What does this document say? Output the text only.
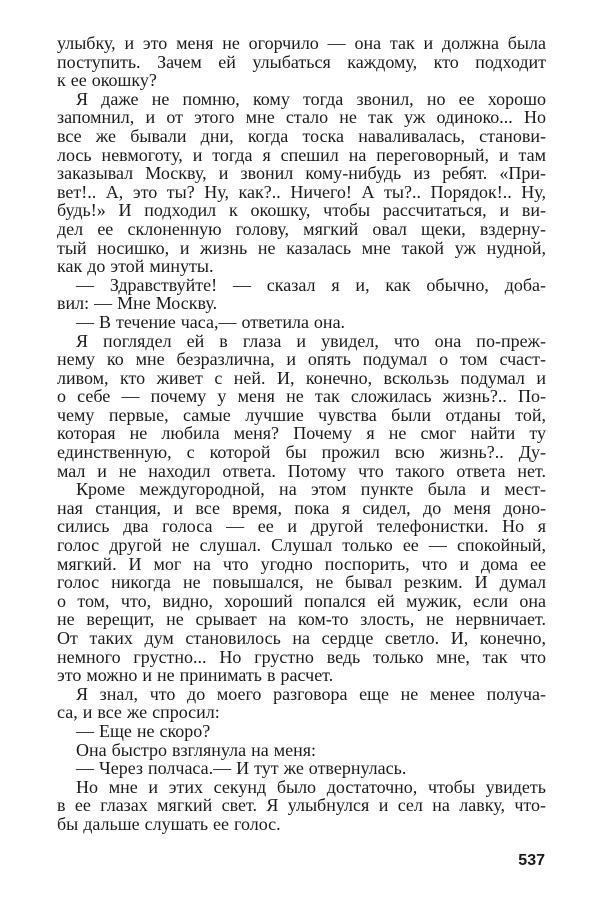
улыбку, и это меня не огорчило — она так и должна была
поступить. Зачем ей улыбаться каждому, кто подходит
к ее окошку?
Я даже не помню, кому тогда звонил, но ее хорошо
запомнил, и от этого мне стало не так уж одиноко... Но
все же бывали дни, когда тоска наваливалась, станови-
лось невмоготу, и тогда я спешил на переговорный, и там
заказывал Москву, и звонил кому-нибудь из ребят. «При-
вет!.. А, это ты? Ну, как?.. Ничего! А ты?.. Порядок!.. Ну,
будь!» И подходил к окошку, чтобы рассчитаться, и ви-
дел ее склоненную голову, мягкий овал щеки, вздерну-
тый носишко, и жизнь не казалась мне такой уж нудной,
как до этой минуты.
— Здравствуйте! — сказал я и, как обычно, доба-
вил: — Мне Москву.
— В течение часа,— ответила она.
Я поглядел ей в глаза и увидел, что она по-преж-
нему ко мне безразлична, и опять подумал о том счаст-
ливом, кто живет с ней. И, конечно, вскользь подумал и
о себе — почему у меня не так сложилась жизнь?.. По-
чему первые, самые лучшие чувства были отданы той,
которая не любила меня? Почему я не смог найти ту
единственную, с которой бы прожил всю жизнь?.. Ду-
мал и не находил ответа. Потому что такого ответа нет.
Кроме междугородной, на этом пункте была и мест-
ная станция, и все время, пока я сидел, до меня доно-
сились два голоса — ее и другой телефонистки. Но я
голос другой не слушал. Слушал только ее — спокойный,
мягкий. И мог на что угодно поспорить, что и дома ее
голос никогда не повышался, не бывал резким. И думал
о том, что, видно, хороший попался ей мужик, если она
не верещит, не срывает на ком-то злость, не нервничает.
От таких дум становилось на сердце светло. И, конечно,
немного грустно... Но грустно ведь только мне, так что
это можно и не принимать в расчет.
Я знал, что до моего разговора еще не менее получа-
са, и все же спросил:
— Еще не скоро?
Она быстро взглянула на меня:
— Через полчаса.— И тут же отвернулась.
Но мне и этих секунд было достаточно, чтобы увидеть
в ее глазах мягкий свет. Я улыбнулся и сел на лавку, что-
бы дальше слушать ее голос.
537
